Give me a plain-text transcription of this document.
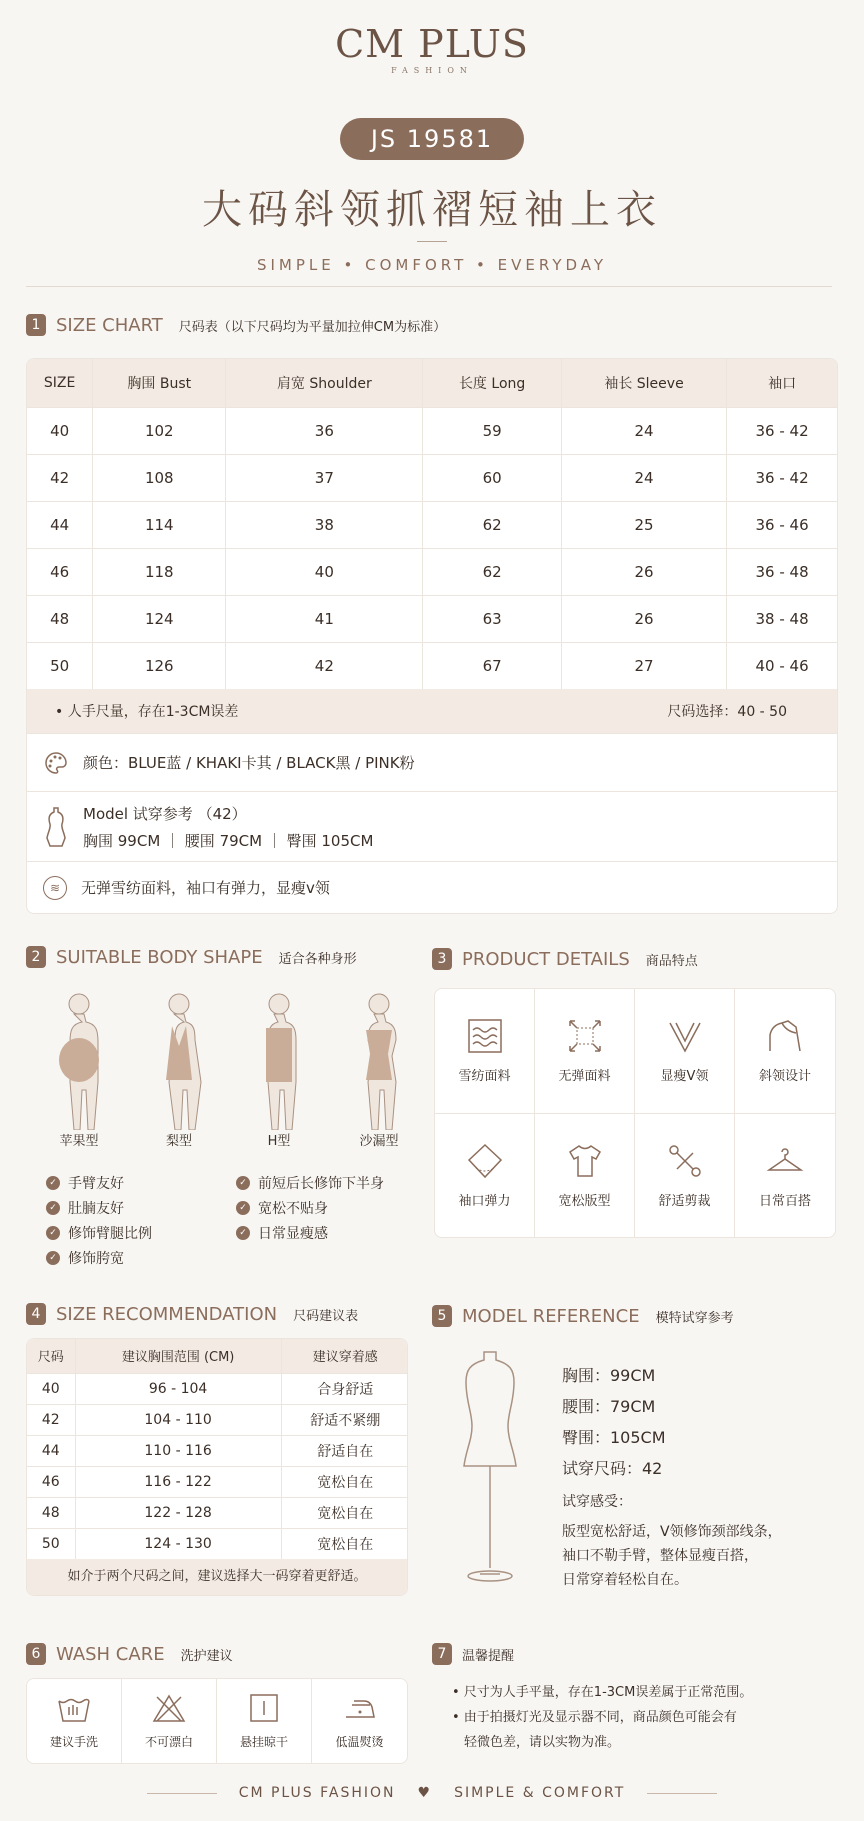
CM PLUS
FASHION
JS 19581
大码斜领抓褶短袖上衣
SIMPLE • COMFORT • EVERYDAY
1 SIZE CHART 尺码表（以下尺码均为平量加拉伸CM为标准）
SIZE	胸围 Bust	肩宽 Shoulder	长度 Long	袖长 Sleeve	袖口
40	102	36	59	24	36 - 42
42	108	37	60	24	36 - 42
44	114	38	62	25	36 - 46
46	118	40	62	26	36 - 48
48	124	41	63	26	38 - 48
50	126	42	67	27	40 - 46
• 人手尺量，存在1-3CM误差	尺码选择：40 - 50
颜色：BLUE蓝 / KHAKI卡其 / BLACK黑 / PINK粉
Model 试穿参考 （42）
胸围 99CM ｜ 腰围 79CM ｜ 臀围 105CM
≋	无弹雪纺面料，袖口有弹力，显瘦v领
2 SUITABLE BODY SHAPE 适合各种身形
苹果型	梨型	H型	沙漏型
✓ 手臂友好
✓ 肚腩友好
✓ 修饰臂腿比例
✓ 修饰胯宽
✓ 前短后长修饰下半身
✓ 宽松不贴身
✓ 日常显瘦感
3 PRODUCT DETAILS 商品特点
雪纺面料	无弹面料	显瘦V领	斜领设计
袖口弹力	宽松版型	舒适剪裁	日常百搭
4 SIZE RECOMMENDATION 尺码建议表
尺码	建议胸围范围 (CM)	建议穿着感
40	96 - 104	合身舒适
42	104 - 110	舒适不紧绷
44	110 - 116	舒适自在
46	116 - 122	宽松自在
48	122 - 128	宽松自在
50	124 - 130	宽松自在
如介于两个尺码之间，建议选择大一码穿着更舒适。
5 MODEL REFERENCE 模特试穿参考
胸围：99CM
腰围：79CM
臀围：105CM
试穿尺码：42
试穿感受：
版型宽松舒适，V领修饰颈部线条，
袖口不勒手臂，整体显瘦百搭，
日常穿着轻松自在。
6 WASH CARE 洗护建议
建议手洗	不可漂白	悬挂晾干	低温熨烫
7	温馨提醒
• 尺寸为人手平量，存在1-3CM误差属于正常范围。
• 由于拍摄灯光及显示器不同，商品颜色可能会有
轻微色差，请以实物为准。
CM PLUS FASHION ♥ SIMPLE & COMFORT
